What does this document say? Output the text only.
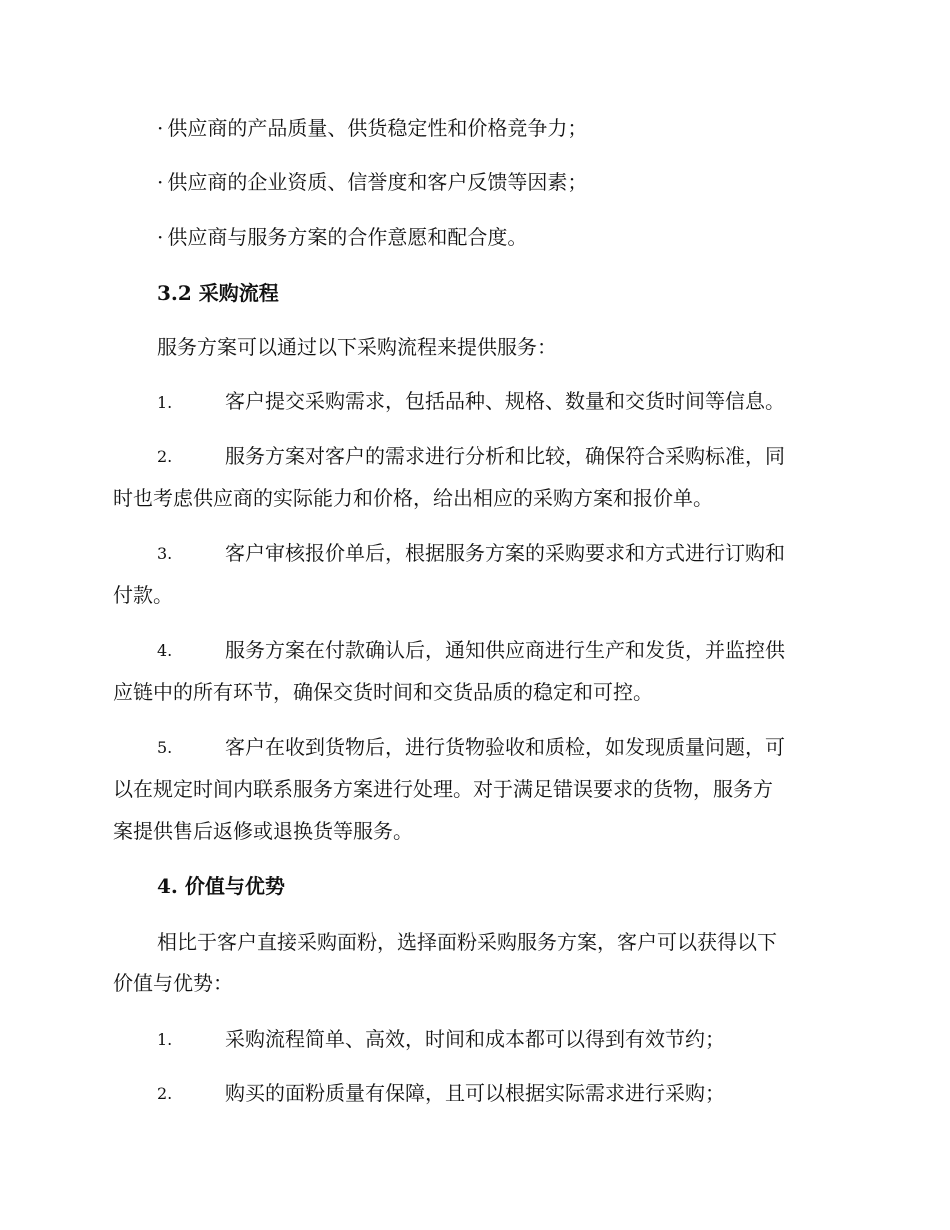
· 供应商的产品质量、供货稳定性和价格竞争力；
· 供应商的企业资质、信誉度和客户反馈等因素；
· 供应商与服务方案的合作意愿和配合度。
3.2 采购流程
服务方案可以通过以下采购流程来提供服务：
1.	客户提交采购需求，包括品种、规格、数量和交货时间等信息。
2.	服务方案对客户的需求进行分析和比较，确保符合采购标准，同
时也考虑供应商的实际能力和价格，给出相应的采购方案和报价单。
3.	客户审核报价单后，根据服务方案的采购要求和方式进行订购和
付款。
4.	服务方案在付款确认后，通知供应商进行生产和发货，并监控供
应链中的所有环节，确保交货时间和交货品质的稳定和可控。
5.	客户在收到货物后，进行货物验收和质检，如发现质量问题，可
以在规定时间内联系服务方案进行处理。对于满足错误要求的货物，服务方
案提供售后返修或退换货等服务。
4. 价值与优势
相比于客户直接采购面粉，选择面粉采购服务方案，客户可以获得以下
价值与优势：
1.	采购流程简单、高效，时间和成本都可以得到有效节约；
2.	购买的面粉质量有保障，且可以根据实际需求进行采购；
